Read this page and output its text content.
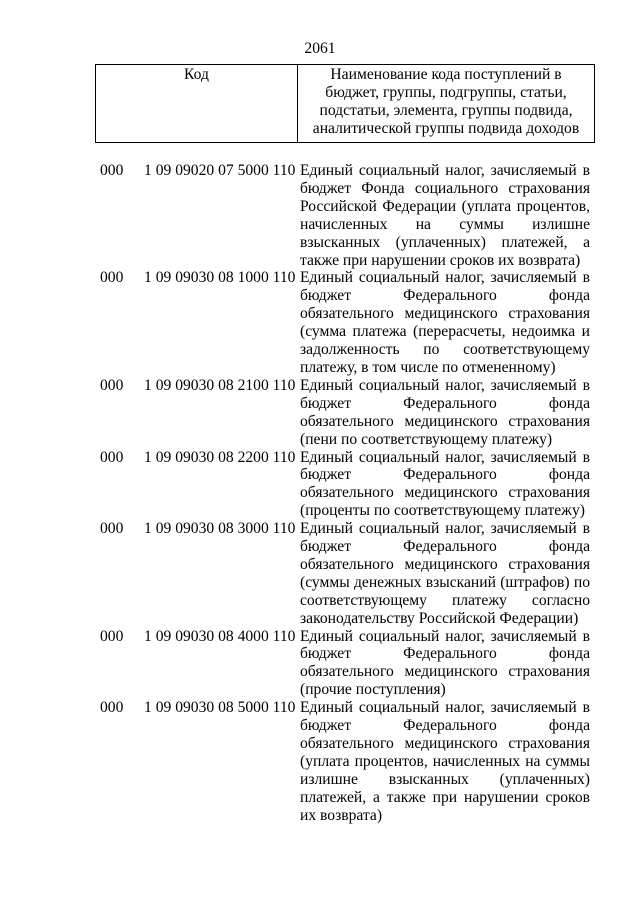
2061
Код	Наименование кода поступлений в бюджет, группы, подгруппы, статьи, подстатьи, элемента, группы подвида, аналитической группы подвида доходов
000	1 09 09020 07 5000 110 Единый социальный налог, зачисляемый в бюджет Фонда социального страхования Российской Федерации (уплата процентов, начисленных на суммы излишне взысканных (уплаченных) платежей, а также при нарушении сроков их возврата)
000	1 09 09030 08 1000 110 Единый социальный налог, зачисляемый в бюджет Федерального фонда обязательного медицинского страхования (сумма платежа (перерасчеты, недоимка и задолженность по соответствующему платежу, в том числе по отмененному)
000	1 09 09030 08 2100 110 Единый социальный налог, зачисляемый в бюджет Федерального фонда обязательного медицинского страхования (пени по соответствующему платежу)
000	1 09 09030 08 2200 110 Единый социальный налог, зачисляемый в бюджет Федерального фонда обязательного медицинского страхования (проценты по соответствующему платежу)
000	1 09 09030 08 3000 110 Единый социальный налог, зачисляемый в бюджет Федерального фонда обязательного медицинского страхования (суммы денежных взысканий (штрафов) по соответствующему платежу согласно законодательству Российской Федерации)
000	1 09 09030 08 4000 110 Единый социальный налог, зачисляемый в бюджет Федерального фонда обязательного медицинского страхования (прочие поступления)
000	1 09 09030 08 5000 110 Единый социальный налог, зачисляемый в бюджет Федерального фонда обязательного медицинского страхования (уплата процентов, начисленных на суммы излишне взысканных (уплаченных) платежей, а также при нарушении сроков их возврата)
